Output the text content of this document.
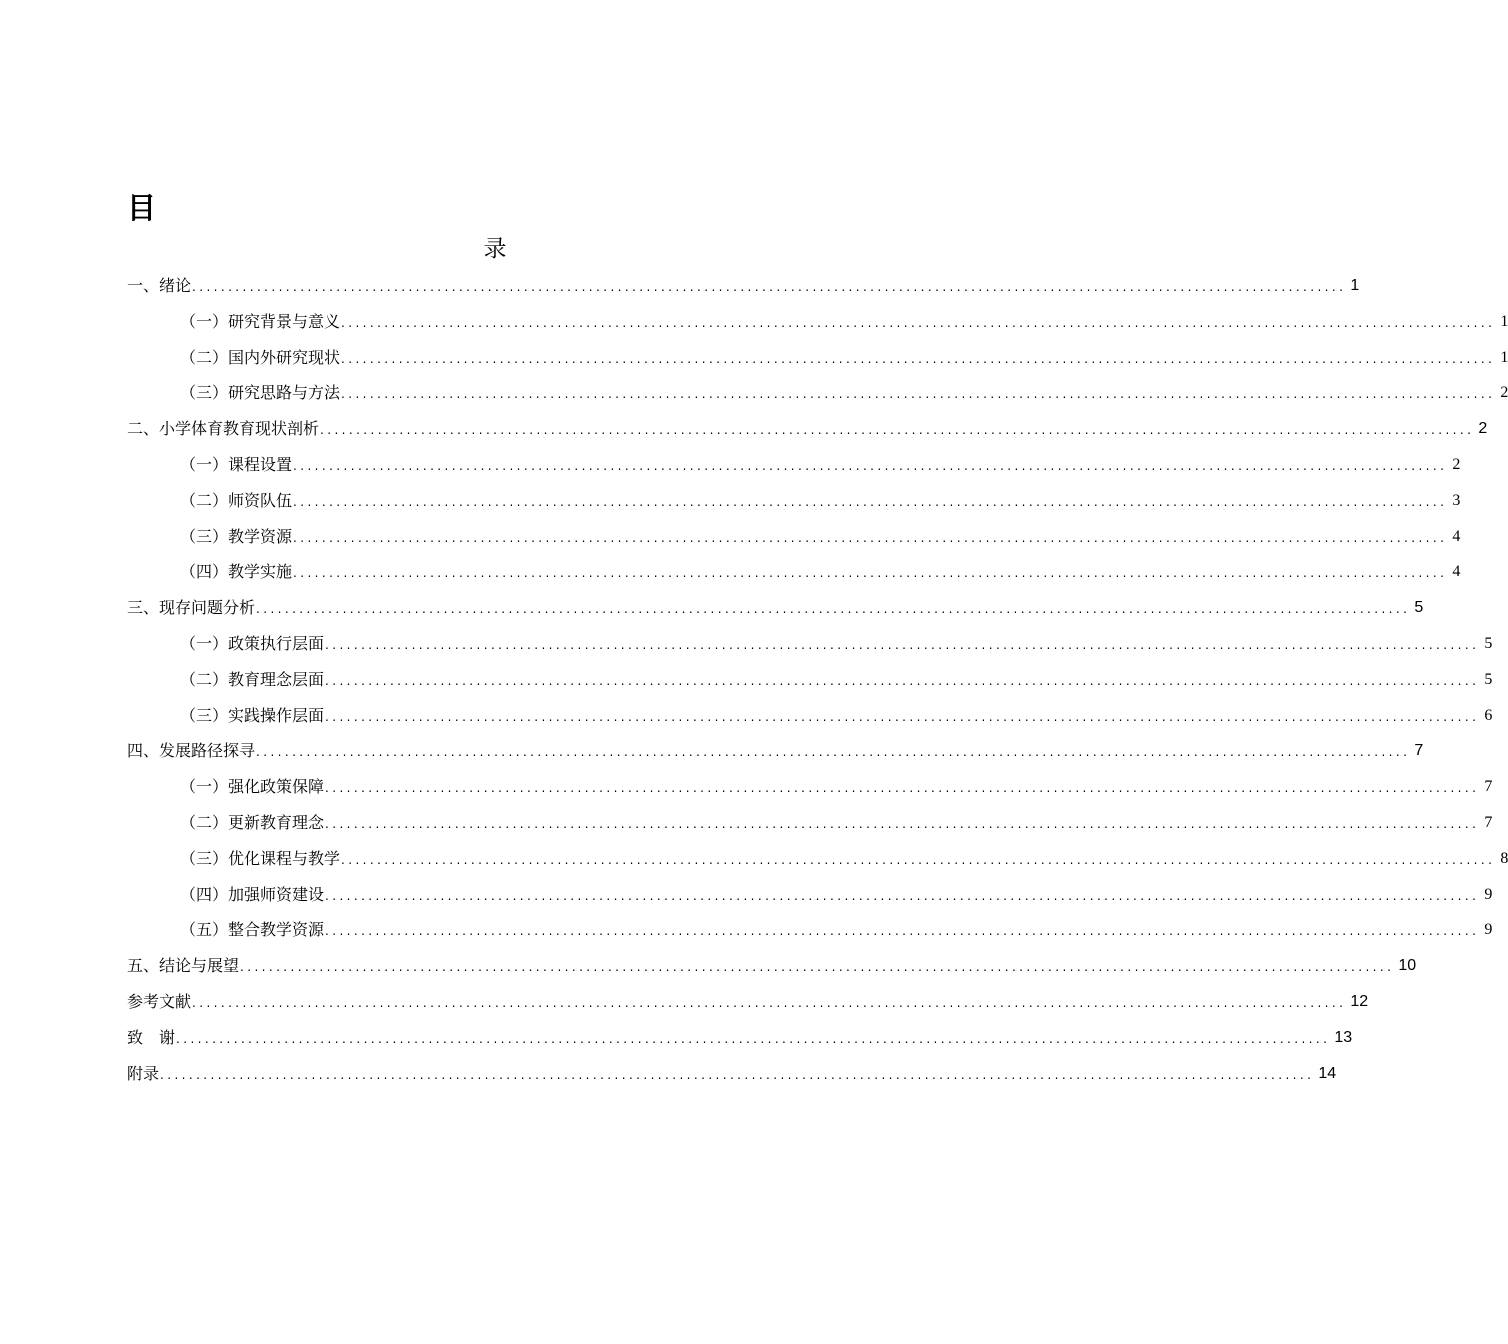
目
录
一、绪论 ................................................................................................................................................................ 1
（一）研究背景与意义 ................................................................................................................................................................ 1
（二）国内外研究现状 ................................................................................................................................................................ 1
（三）研究思路与方法 ................................................................................................................................................................ 2
二、小学体育教育现状剖析 ................................................................................................................................................................ 2
（一）课程设置 ................................................................................................................................................................ 2
（二）师资队伍 ................................................................................................................................................................ 3
（三）教学资源 ................................................................................................................................................................ 4
（四）教学实施 ................................................................................................................................................................ 4
三、现存问题分析 ................................................................................................................................................................ 5
（一）政策执行层面 ................................................................................................................................................................ 5
（二）教育理念层面 ................................................................................................................................................................ 5
（三）实践操作层面 ................................................................................................................................................................ 6
四、发展路径探寻 ................................................................................................................................................................ 7
（一）强化政策保障 ................................................................................................................................................................ 7
（二）更新教育理念 ................................................................................................................................................................ 7
（三）优化课程与教学 ................................................................................................................................................................ 8
（四）加强师资建设 ................................................................................................................................................................ 9
（五）整合教学资源 ................................................................................................................................................................ 9
五、结论与展望 ................................................................................................................................................................ 10
参考文献 ................................................................................................................................................................ 12
致　谢 ................................................................................................................................................................ 13
附录 ................................................................................................................................................................ 14
